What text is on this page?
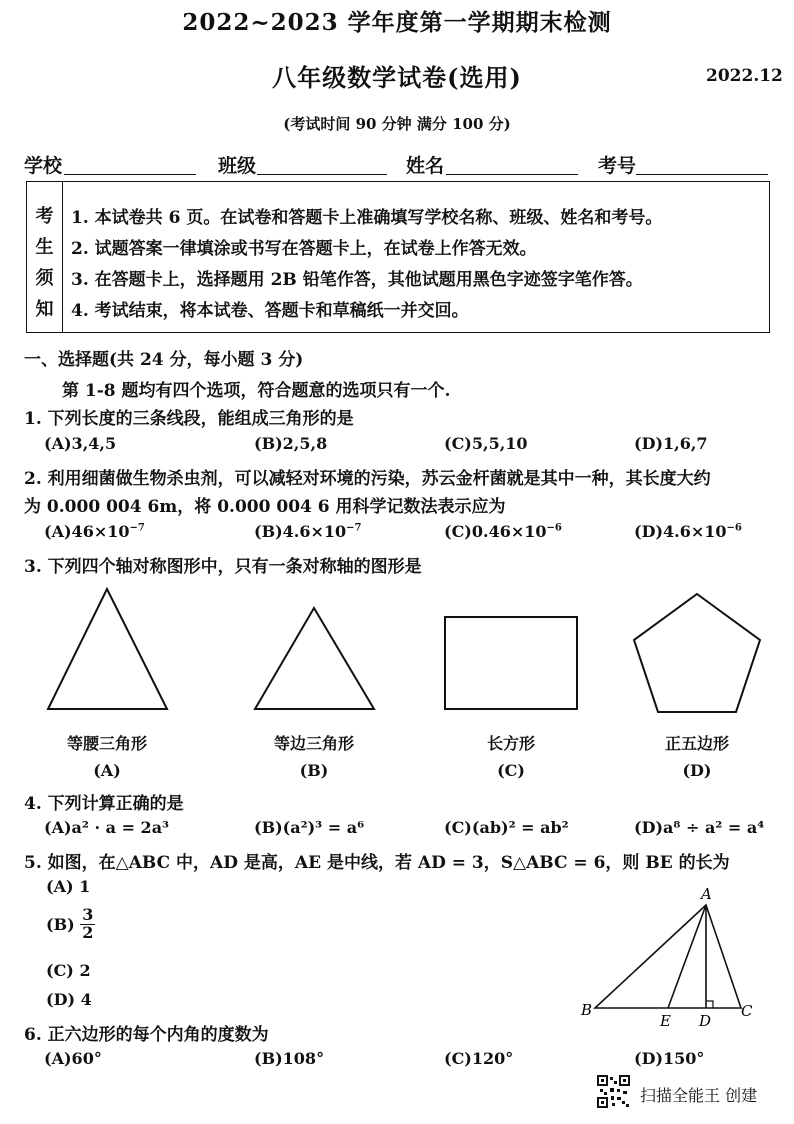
2022~2023 学年度第一学期期末检测
八年级数学试卷(选用)	2022.12
(考试时间 90 分钟 满分 100 分)
学校	班级	姓名	考号
考
生
须
知
1. 本试卷共 6 页。在试卷和答题卡上准确填写学校名称、班级、姓名和考号。
2. 试题答案一律填涂或书写在答题卡上，在试卷上作答无效。
3. 在答题卡上，选择题用 2B 铅笔作答，其他试题用黑色字迹签字笔作答。
4. 考试结束，将本试卷、答题卡和草稿纸一并交回。
一、选择题(共 24 分，每小题 3 分)
第 1-8 题均有四个选项，符合题意的选项只有一个.
1. 下列长度的三条线段，能组成三角形的是
(A)3,4,5	(B)2,5,8	(C)5,5,10	(D)1,6,7
2. 利用细菌做生物杀虫剂，可以减轻对环境的污染，苏云金杆菌就是其中一种，其长度大约
为 0.000 004 6m，将 0.000 004 6 用科学记数法表示应为
$(A)46\times 10^{-7}$	$(B)4.6\times 10^{-7}$	$(C)0.46\times 10^{-6}$	$(D)4.6\times 10^{-6}$
3. 下列四个轴对称图形中，只有一条对称轴的图形是
等腰三角形	等边三角形	长方形	正五边形
(A)	(B)	(C)	(D)
4. 下列计算正确的是
(A)a² · a = 2a³	(B)(a²)³ = a⁶	(C)(ab)² = ab²	(D)a⁸ ÷ a² = a⁴
5. 如图，在△ABC 中，AD 是高，AE 是中线，若 AD = 3，S△ABC = 6，则 BE 的长为
(A) 1
$(B) \frac{3}{2}$
(C) 2
(D) 4
A
B	C
D
E
6. 正六边形的每个内角的度数为
(A)60°	(B)108°	(C)120°	(D)150°
扫描全能王 创建
